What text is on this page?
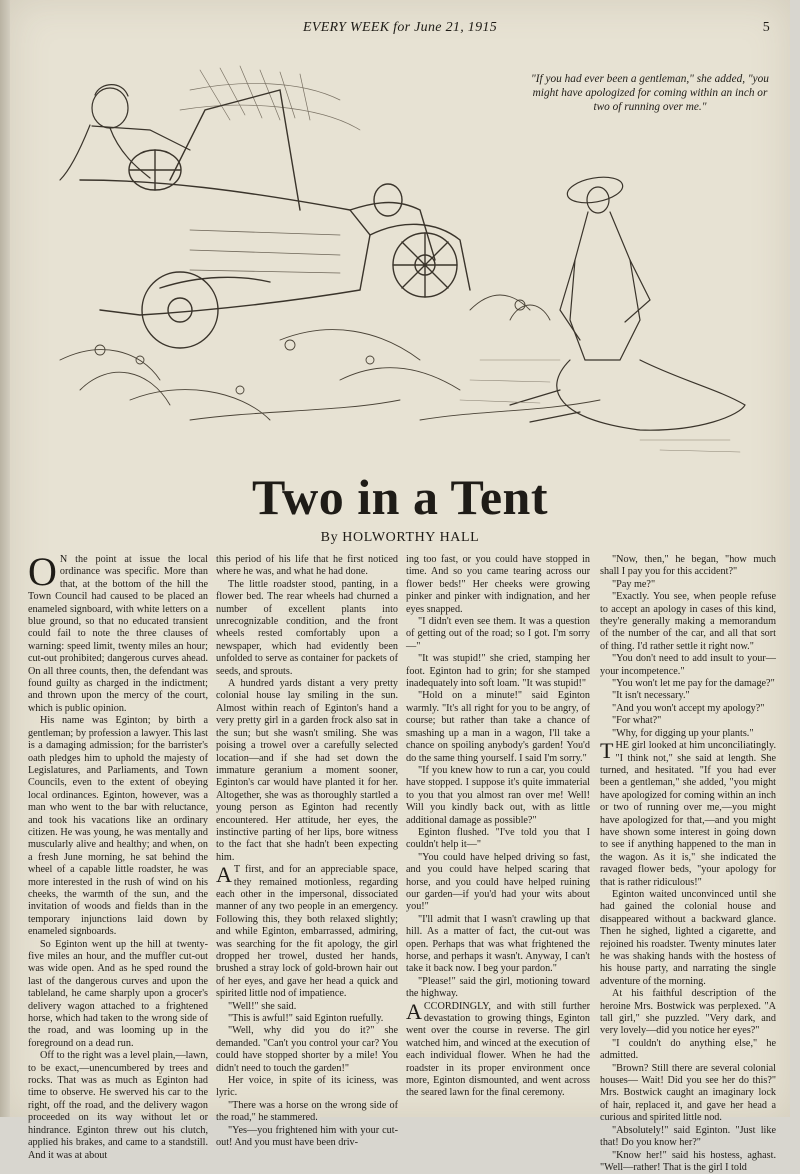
EVERY WEEK for June 21, 1915	5
"If you had ever been a gentleman," she added, "you might have apologized for coming within an inch or two of running over me."
Two in a Tent
By HOLWORTHY HALL

O N the point at issue the local ordinance was specific. More than that, at the bottom of the hill the Town Council had caused to be placed an enameled signboard, with white letters on a blue ground, so that no educated transient could fail to note the three clauses of warning: speed limit, twenty miles an hour; cut-out prohibited; dangerous curves ahead. On all three counts, then, the defendant was found guilty as charged in the indictment; and thrown upon the mercy of the court, which is public opinion.

His name was Eginton; by birth a gentleman; by profession a lawyer. This last is a damaging admission; for the barrister's oath pledges him to uphold the majesty of Legislatures, and Parliaments, and Town Councils, even to the extent of obeying local ordinances. Eginton, however, was a man who went to the bar with reluctance, and took his vacations like an ordinary citizen. He was young, he was mentally and muscularly alive and healthy; and when, on a fresh June morning, he sat behind the wheel of a capable little roadster, he was more interested in the rush of wind on his cheeks, the warmth of the sun, and the invitation of woods and fields than in the temporary injunctions laid down by enameled signboards.

So Eginton went up the hill at twenty-five miles an hour, and the muffler cut-out was wide open. And as he sped round the last of the dangerous curves and upon the tableland, he came sharply upon a grocer's delivery wagon attached to a frightened horse, which had taken to the wrong side of the road, and was looming up in the foreground on a dead run.

Off to the right was a level plain,—lawn, to be exact,—unencumbered by trees and rocks. That was as much as Eginton had time to observe. He swerved his car to the right, off the road, and the delivery wagon proceeded on its way without let or hindrance. Eginton threw out his clutch, applied his brakes, and came to a standstill. And it was at about

this period of his life that he first noticed where he was, and what he had done.

The little roadster stood, panting, in a flower bed. The rear wheels had churned a number of excellent plants into unrecognizable condition, and the front wheels rested comfortably upon a newspaper, which had evidently been unfolded to serve as container for packets of seeds, and sprouts.

A hundred yards distant a very pretty colonial house lay smiling in the sun. Almost within reach of Eginton's hand a very pretty girl in a garden frock also sat in the sun; but she wasn't smiling. She was poising a trowel over a carefully selected location—and if she had set down the immature geranium a moment sooner, Eginton's car would have planted it for her. Altogether, she was as thoroughly startled a young person as Eginton had recently encountered. Her attitude, her eyes, the instinctive parting of her lips, bore witness to the fact that she hadn't been expecting him.

A T first, and for an appreciable space, they remained motionless, regarding each other in the impersonal, dissociated manner of any two people in an emergency. Following this, they both relaxed slightly; and while Eginton, embarrassed, admiring, was searching for the fit apology, the girl dropped her trowel, dusted her hands, brushed a stray lock of gold-brown hair out of her eyes, and gave her head a quick and spirited little nod of impatience.

"Well!" she said.

"This is awful!" said Eginton ruefully.

"Well, why did you do it?" she demanded. "Can't you control your car? You could have stopped shorter by a mile! You didn't need to touch the garden!"

Her voice, in spite of its iciness, was lyric.

"There was a horse on the wrong side of the road," he stammered.

"Yes—you frightened him with your cut-out! And you must have been driv-

ing too fast, or you could have stopped in time. And so you came tearing across our flower beds!" Her cheeks were growing pinker and pinker with indignation, and her eyes snapped.

"I didn't even see them. It was a question of getting out of the road; so I got. I'm sorry—"

"It was stupid!" she cried, stamping her foot. Eginton had to grin; for she stamped inadequately into soft loam. "It was stupid!"

"Hold on a minute!" said Eginton warmly. "It's all right for you to be angry, of course; but rather than take a chance of smashing up a man in a wagon, I'll take a chance on spoiling anybody's garden! You'd do the same thing yourself. I said I'm sorry."

"If you knew how to run a car, you could have stopped. I suppose it's quite immaterial to you that you almost ran over me! Well! Will you kindly back out, with as little additional damage as possible?"

Eginton flushed. "I've told you that I couldn't help it—"

"You could have helped driving so fast, and you could have helped scaring that horse, and you could have helped ruining our garden—if you'd had your wits about you!"

"I'll admit that I wasn't crawling up that hill. As a matter of fact, the cut-out was open. Perhaps that was what frightened the horse, and perhaps it wasn't. Anyway, I can't take it back now. I beg your pardon."

"Please!" said the girl, motioning toward the highway.

ACCORDINGLY, and with still further devastation to growing things, Eginton went over the course in reverse. The girl watched him, and winced at the execution of each individual flower. When he had the roadster in its proper environment once more, Eginton dismounted, and went across the seared lawn for the final ceremony.

"Now, then," he began, "how much shall I pay you for this accident?"

"Pay me?"

"Exactly. You see, when people refuse to accept an apology in cases of this kind, they're generally making a memorandum of the number of the car, and all that sort of thing. I'd rather settle it right now."

"You don't need to add insult to your—your incompetence."

"You won't let me pay for the damage?"

"It isn't necessary."

"And you won't accept my apology?"

"For what?"

"Why, for digging up your plants."

THE girl looked at him unconciliatingly. "I think not," she said at length. She turned, and hesitated. "If you had ever been a gentleman," she added, "you might have apologized for coming within an inch or two of running over me,—you might have apologized for that,—and you might have shown some interest in going down to see if anything happened to the man in the wagon. As it is," she indicated the ravaged flower beds, "your apology for that is rather ridiculous!"

Eginton waited unconvinced until she had gained the colonial house and disappeared without a backward glance. Then he sighed, lighted a cigarette, and rejoined his roadster. Twenty minutes later he was shaking hands with the hostess of his house party, and narrating the single adventure of the morning.

At his faithful description of the heroine Mrs. Bostwick was perplexed. "A tall girl," she puzzled. "Very dark, and very lovely—did you notice her eyes?"

"I couldn't do anything else," he admitted.

"Brown? Still there are several colonial houses— Wait! Did you see her do this?" Mrs. Bostwick caught an imaginary lock of hair, replaced it, and gave her head a curious and spirited little nod.

"Absolutely!" said Eginton. "Just like that! Do you know her?"

"Know her!" said his hostess, aghast. "Well—rather! That is the girl I told
